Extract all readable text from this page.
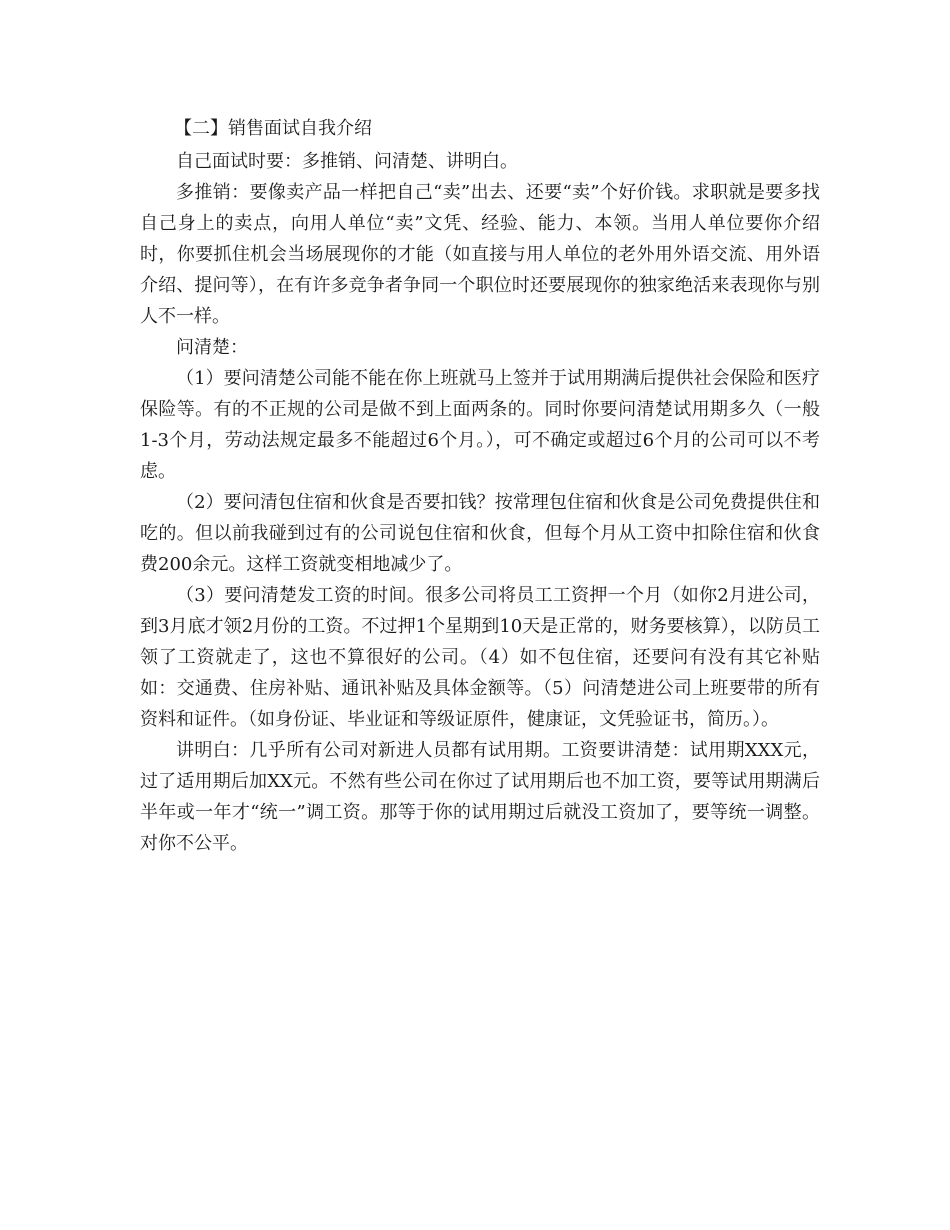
【二】销售面试自我介绍

自己面试时要：多推销、问清楚、讲明白。

多推销：要像卖产品一样把自己“卖”出去、还要“卖”个好价钱。求职就是要多找自己身上的卖点，向用人单位“卖”文凭、经验、能力、本领。当用人单位要你介绍时，你要抓住机会当场展现你的才能（如直接与用人单位的老外用外语交流、用外语介绍、提问等），在有许多竞争者争同一个职位时还要展现你的独家绝活来表现你与别人不一样。

问清楚：

（1）要问清楚公司能不能在你上班就马上签并于试用期满后提供社会保险和医疗保险等。有的不正规的公司是做不到上面两条的。同时你要问清楚试用期多久（一般1-3个月，劳动法规定最多不能超过6个月。），可不确定或超过6个月的公司可以不考虑。

（2）要问清包住宿和伙食是否要扣钱？按常理包住宿和伙食是公司免费提供住和吃的。但以前我碰到过有的公司说包住宿和伙食，但每个月从工资中扣除住宿和伙食费200余元。这样工资就变相地减少了。

（3）要问清楚发工资的时间。很多公司将员工工资押一个月（如你2月进公司，到3月底才领2月份的工资。不过押1个星期到10天是正常的，财务要核算），以防员工领了工资就走了，这也不算很好的公司。（4）如不包住宿，还要问有没有其它补贴如：交通费、住房补贴、通讯补贴及具体金额等。（5）问清楚进公司上班要带的所有资料和证件。（如身份证、毕业证和等级证原件，健康证，文凭验证书，简历。）。

讲明白：几乎所有公司对新进人员都有试用期。工资要讲清楚：试用期XXX元，过了适用期后加XX元。不然有些公司在你过了试用期后也不加工资，要等试用期满后半年或一年才“统一”调工资。那等于你的试用期过后就没工资加了，要等统一调整。对你不公平。
